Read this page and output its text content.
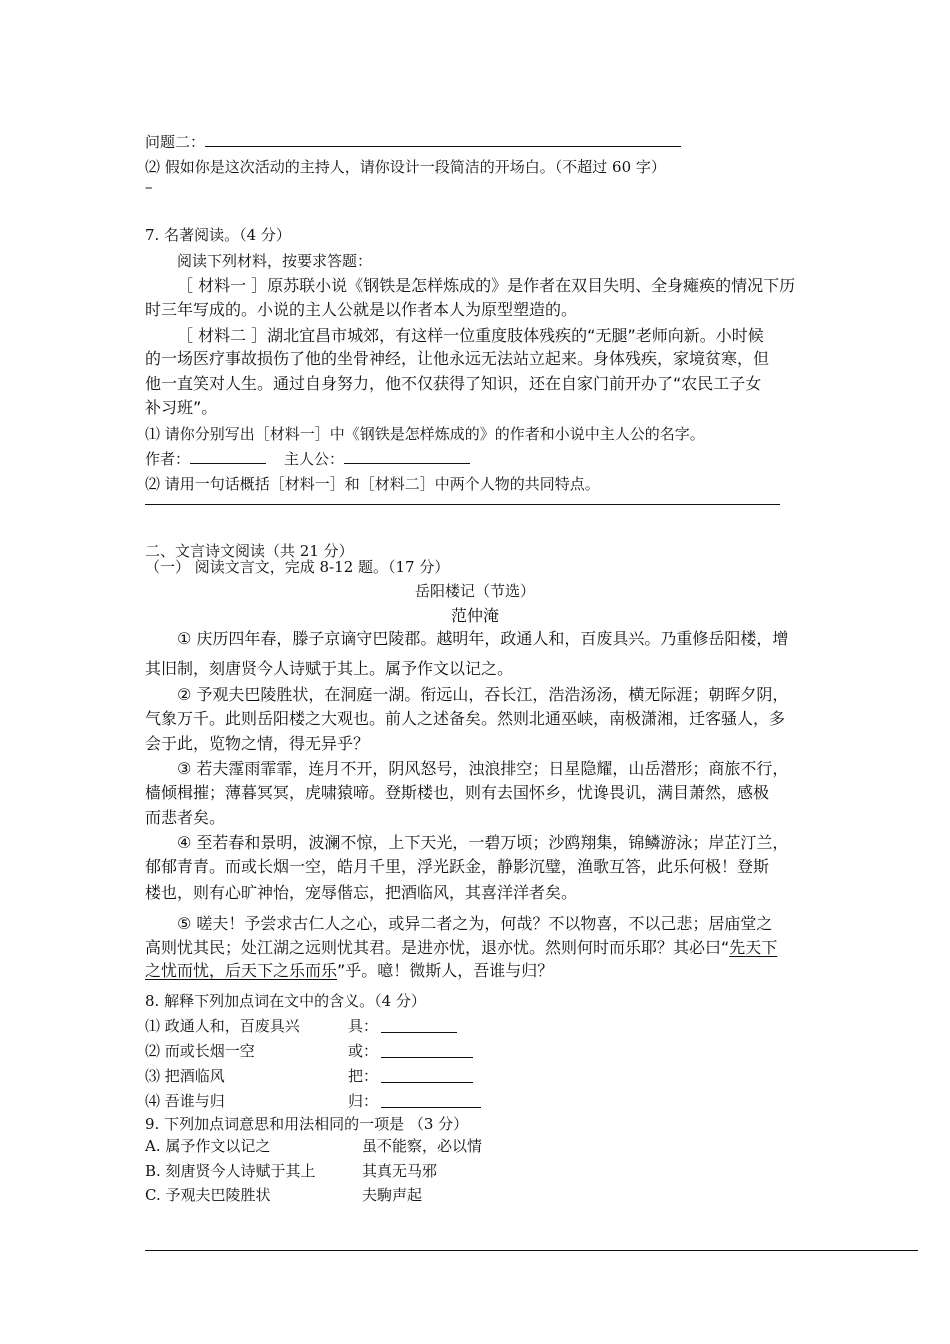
问题二：
⑵ 假如你是这次活动的主持人，请你设计一段简洁的开场白。（不超过 60 字）
–
7. 名著阅读。（4 分）
阅读下列材料，按要求答题：
［ 材料一 ］原苏联小说《钢铁是怎样炼成的》是作者在双目失明、全身瘫痪的情况下历
时三年写成的。小说的主人公就是以作者本人为原型塑造的。
［ 材料二 ］湖北宜昌市城郊，有这样一位重度肢体残疾的“无腿”老师向新。小时候
的一场医疗事故损伤了他的坐骨神经，让他永远无法站立起来。身体残疾，家境贫寒，但
他一直笑对人生。通过自身努力，他不仅获得了知识，还在自家门前开办了“农民工子女
补习班”。
⑴ 请你分别写出［材料一］中《钢铁是怎样炼成的》的作者和小说中主人公的名字。
作者：	主人公：
⑵ 请用一句话概括［材料一］和［材料二］中两个人物的共同特点。
二、文言诗文阅读（共 21 分）
（一） 阅读文言文，完成 8-12 题。（17 分）
岳阳楼记（节选）
范仲淹
① 庆历四年春，滕子京谪守巴陵郡。越明年，政通人和，百废具兴。乃重修岳阳楼，增
其旧制，刻唐贤今人诗赋于其上。属予作文以记之。
② 予观夫巴陵胜状，在洞庭一湖。衔远山，吞长江，浩浩汤汤，横无际涯；朝晖夕阴，
气象万千。此则岳阳楼之大观也。前人之述备矣。然则北通巫峡，南极潇湘，迁客骚人，多
会于此，览物之情，得无异乎？
③ 若夫霪雨霏霏，连月不开，阴风怒号，浊浪排空；日星隐耀，山岳潜形；商旅不行，
樯倾楫摧；薄暮冥冥，虎啸猿啼。登斯楼也，则有去国怀乡，忧谗畏讥，满目萧然，感极
而悲者矣。
④ 至若春和景明，波澜不惊，上下天光，一碧万顷；沙鸥翔集，锦鳞游泳；岸芷汀兰，
郁郁青青。而或长烟一空，皓月千里，浮光跃金，静影沉璧，渔歌互答，此乐何极！登斯
楼也，则有心旷神怡，宠辱偕忘，把酒临风，其喜洋洋者矣。
⑤ 嗟夫！予尝求古仁人之心，或异二者之为，何哉？不以物喜，不以己悲；居庙堂之
高则忧其民；处江湖之远则忧其君。是进亦忧，退亦忧。然则何时而乐耶？其必曰“先天下
之忧而忧，后天下之乐而乐”乎。噫！微斯人，吾谁与归？
8. 解释下列加点词在文中的含义。（4 分）
⑴ 政通人和，百废具兴	具：
⑵ 而或长烟一空	或：
⑶ 把酒临风	把：
⑷ 吾谁与归	归：
9. 下列加点词意思和用法相同的一项是 （3 分）
A. 属予作文以记之	虽不能察，必以情
B. 刻唐贤今人诗赋于其上	其真无马邪
C. 予观夫巴陵胜状	夫駒声起
